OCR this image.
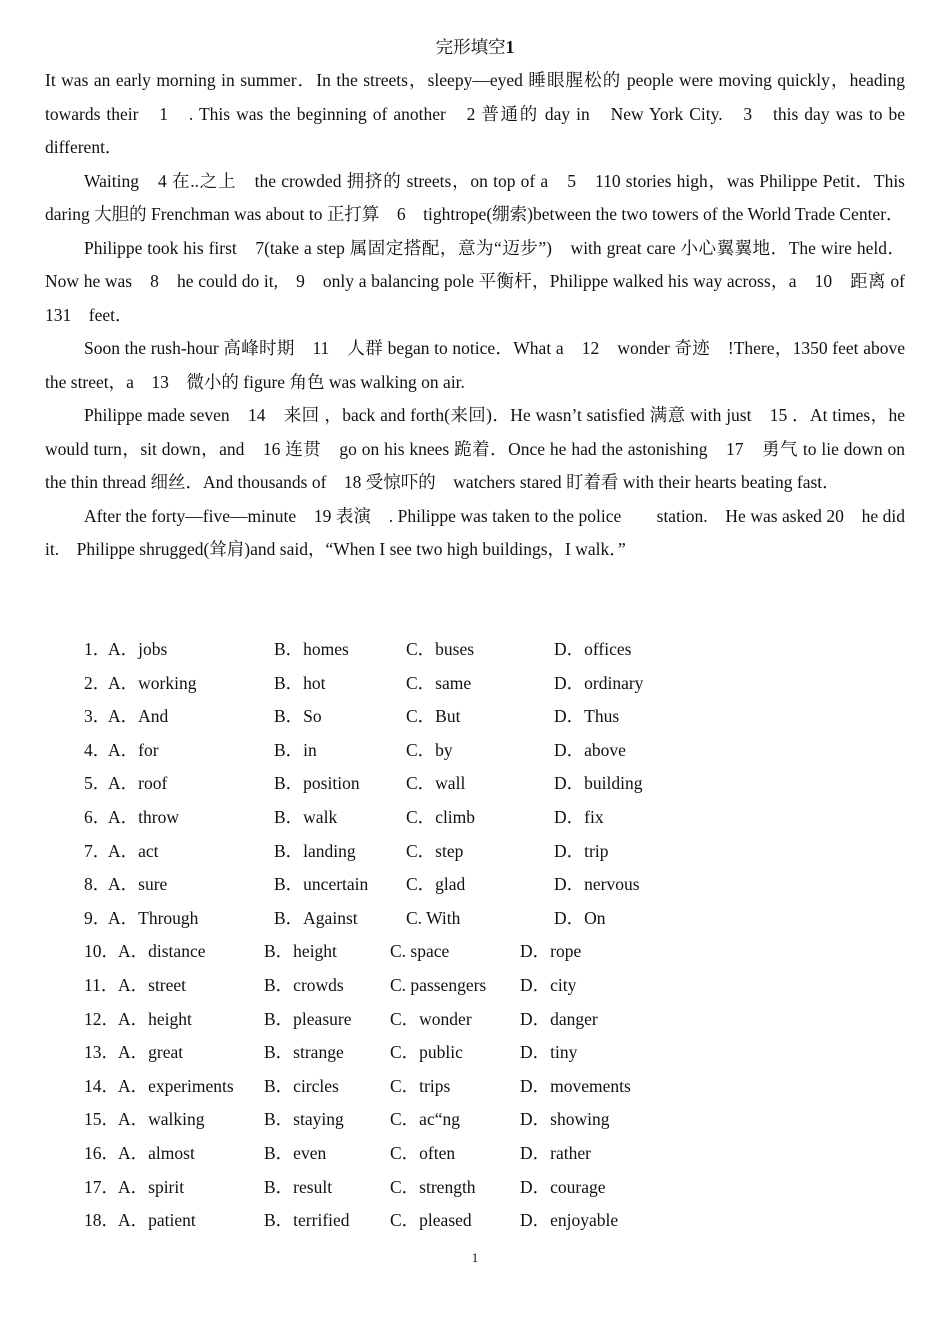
完形填空1

It was an early morning in summer．In the streets，sleepy—eyed 睡眼腥松的 people were moving quickly，heading towards their　1　. This was the beginning of another　2 普通的 day in　New York City.　3　this day was to be different．

Waiting　4 在..之上　the crowded 拥挤的 streets，on top of a　5　110 stories high，was Philippe Petit．This daring 大胆的 Frenchman was about to 正打算　6　tightrope(绷索)between the two towers of the World Trade Center．

Philippe took his first　7(take a step 属固定搭配，意为“迈步”)　with great care 小心翼翼地．The wire held．Now he was　8　he could do it,　9　only a balancing pole 平衡杆，Philippe walked his way across，a　10　距离 of 131　feet．

Soon the rush-hour 高峰时期　11　人群 began to notice．What a　12　wonder 奇迹　!There，1350 feet above the street，a　13　微小的 figure 角色 was walking on air.

Philippe made seven　14　来回 ，back and forth(来回)．He wasn’t satisfied 满意 with just　15 ．At times，he would turn，sit down，and　16 连贯　go on his knees 跪着．Once he had the astonishing　17　勇气 to lie down on the thin thread 细丝．And thousands of　18 受惊吓的　watchers stared 盯着看 with their hearts beating fast．

After the forty—five—minute　19 表演　. Philippe was taken to the police　　station.　He was asked 20　he did it.　Philippe shrugged(耸肩)and said，“When I see two high buildings，I walk．”

1．
A．jobs	B．homes	C．buses	D．offices
2．
A．working	B．hot	C．same	D．ordinary
3．
A．And	B．So	C．But	D．Thus
4．
A．for	B．in	C．by	D．above
5．
A．roof	B．position	C．wall	D．building
6．
A．throw	B．walk	C．climb	D．fix
7．
A．act	B．landing	C．step	D．trip
8．
A．sure	B．uncertain C．glad	D．nervous
9．
A．Through	B．Against	C. With	D．On
10． A．distance	B．height	C. space	D．rope
11． A．street	B．crowds	C. passengers D．city
12． A．height	B．pleasure C．wonder	D．danger
13． A．great	B．strange	C．public	D．tiny
14． A．experiments B．circles	C．trips	D．movements
15． A．walking	B．staying	C．ac“ng	D．showing
16． A．almost	B．even	C．often	D．rather
17． A．spirit	B．result	C．strength	D．courage
18． A．patient	B．terrified C．pleased	D．enjoyable
1
